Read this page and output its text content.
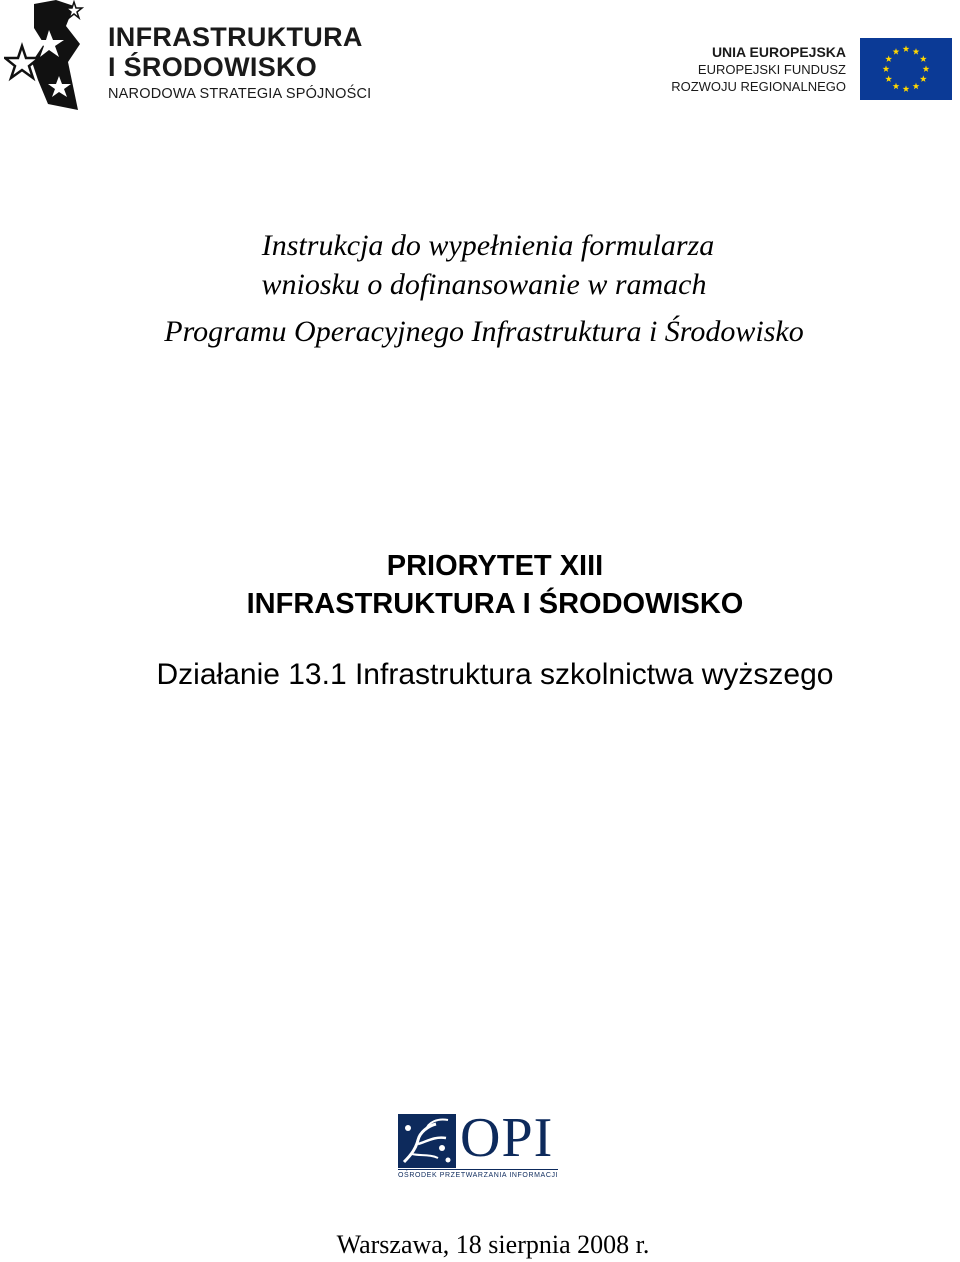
INFRASTRUKTURA
I ŚRODOWISKO
NARODOWA STRATEGIA SPÓJNOŚCI
UNIA EUROPEJSKA
EUROPEJSKI FUNDUSZ
ROZWOJU REGIONALNEGO
Instrukcja do wypełnienia formularza
wniosku o dofinansowanie w ramach
Programu Operacyjnego Infrastruktura i Środowisko
PRIORYTET XIII
INFRASTRUKTURA I ŚRODOWISKO
Działanie 13.1 Infrastruktura szkolnictwa wyższego
OPI
OŚRODEK PRZETWARZANIA INFORMACJI
Warszawa, 18 sierpnia 2008 r.
